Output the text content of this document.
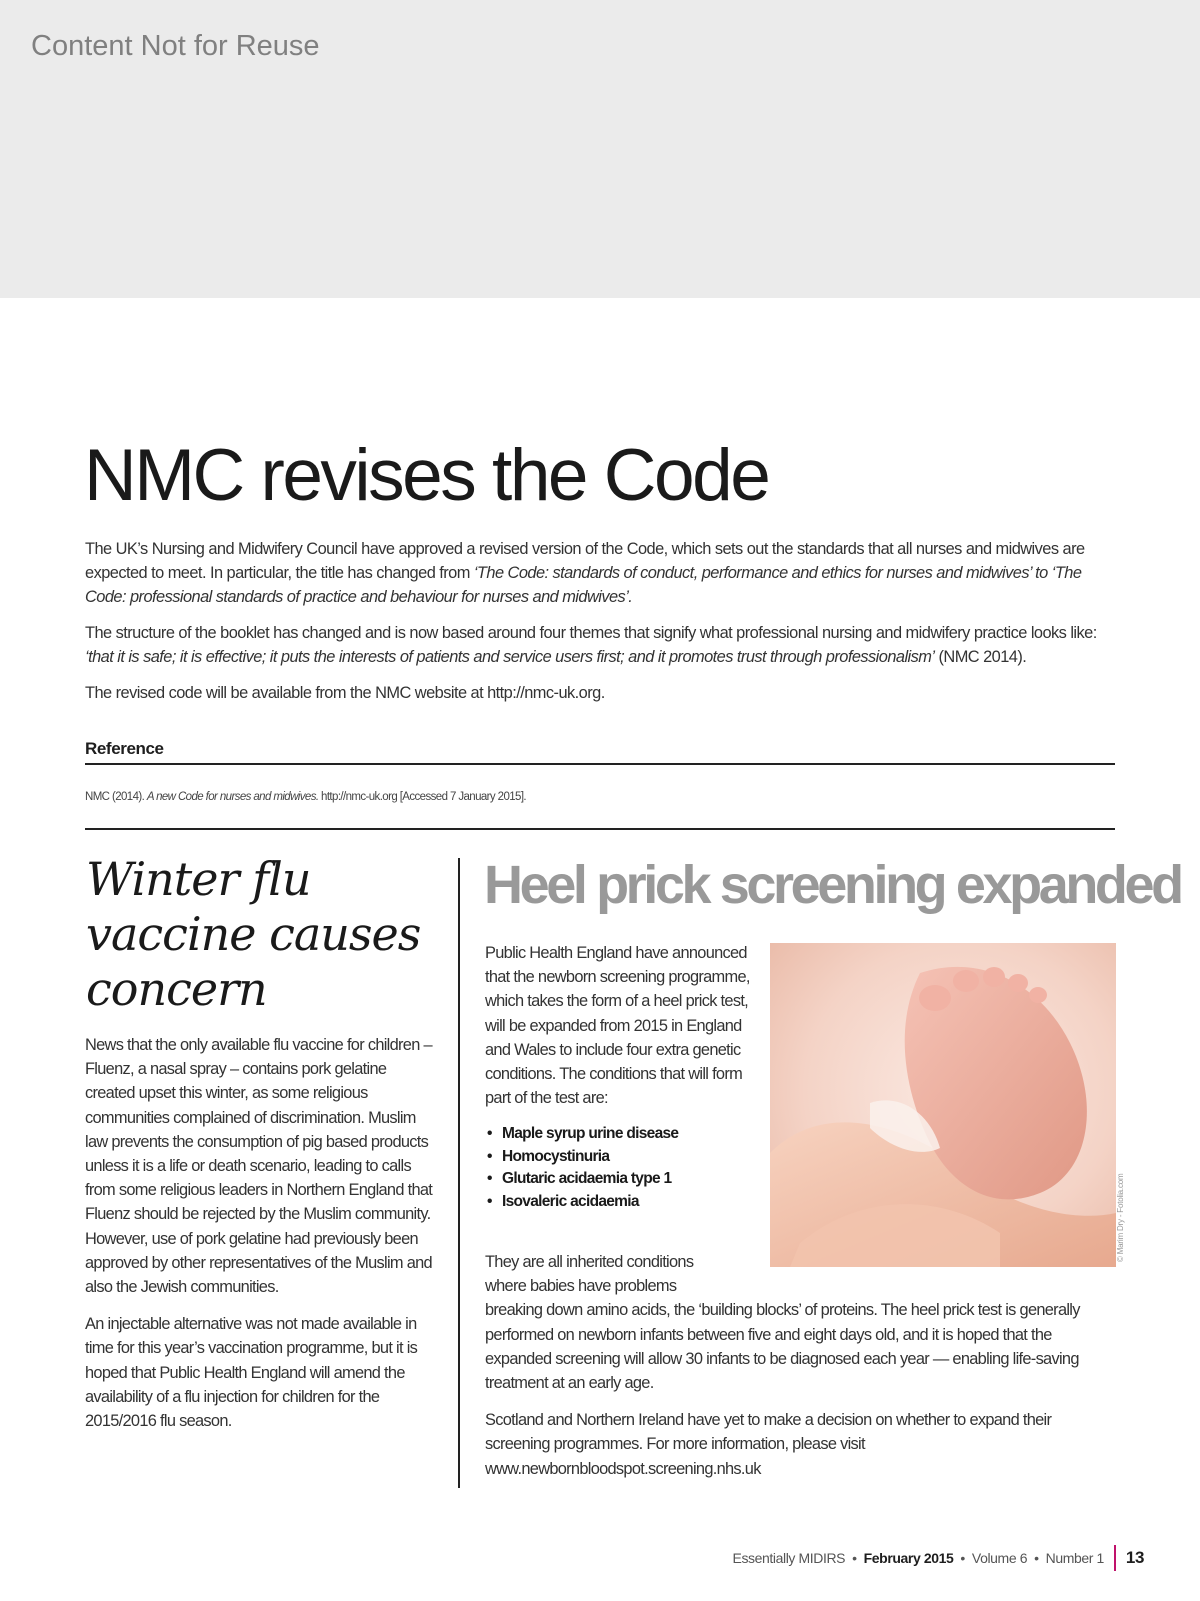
Content Not for Reuse
NMC revises the Code

The UK’s Nursing and Midwifery Council have approved a revised version of the Code, which sets out the standards that all nurses and midwives are expected to meet. In particular, the title has changed from ‘The Code: standards of conduct, performance and ethics for nurses and midwives’ to ‘The Code: professional standards of practice and behaviour for nurses and midwives’.

The structure of the booklet has changed and is now based around four themes that signify what professional nursing and midwifery practice looks like: ‘that it is safe; it is effective; it puts the interests of patients and service users first; and it promotes trust through professionalism’ (NMC 2014).

The revised code will be available from the NMC website at http://nmc-uk.org.

Reference
NMC (2014). A new Code for nurses and midwives. http://nmc-uk.org [Accessed 7 January 2015].
Winter flu
vaccine causes
concern

News that the only available flu vaccine for children – Fluenz, a nasal spray – contains pork gelatine created upset this winter, as some religious communities complained of discrimination. Muslim law prevents the consumption of pig based products unless it is a life or death scenario, leading to calls from some religious leaders in Northern England that Fluenz should be rejected by the Muslim community. However, use of pork gelatine had previously been approved by other representatives of the Muslim and also the Jewish communities.

An injectable alternative was not made available in time for this year’s vaccination programme, but it is hoped that Public Health England will amend the availability of a flu injection for children for the 2015/2016 flu season.

Heel prick screening expanded
© Marim Dry - Fotolia.com

Public Health England have announced that the newborn screening programme, which takes the form of a heel prick test, will be expanded from 2015 in England and Wales to include four extra genetic conditions. The conditions that will form part of the test are:

• Maple syrup urine disease
• Homocystinuria
• Glutaric acidaemia type 1
• Isovaleric acidaemia

They are all inherited conditions
where babies have problems
breaking down amino acids, the ‘building blocks’ of proteins. The heel prick test is generally performed on newborn infants between five and eight days old, and it is hoped that the expanded screening will allow 30 infants to be diagnosed each year — enabling life-saving treatment at an early age.

Scotland and Northern Ireland have yet to make a decision on whether to expand their screening programmes. For more information, please visit www.newbornbloodspot.screening.nhs.uk

Essentially MIDIRS • February 2015 • Volume 6 • Number 1 13
